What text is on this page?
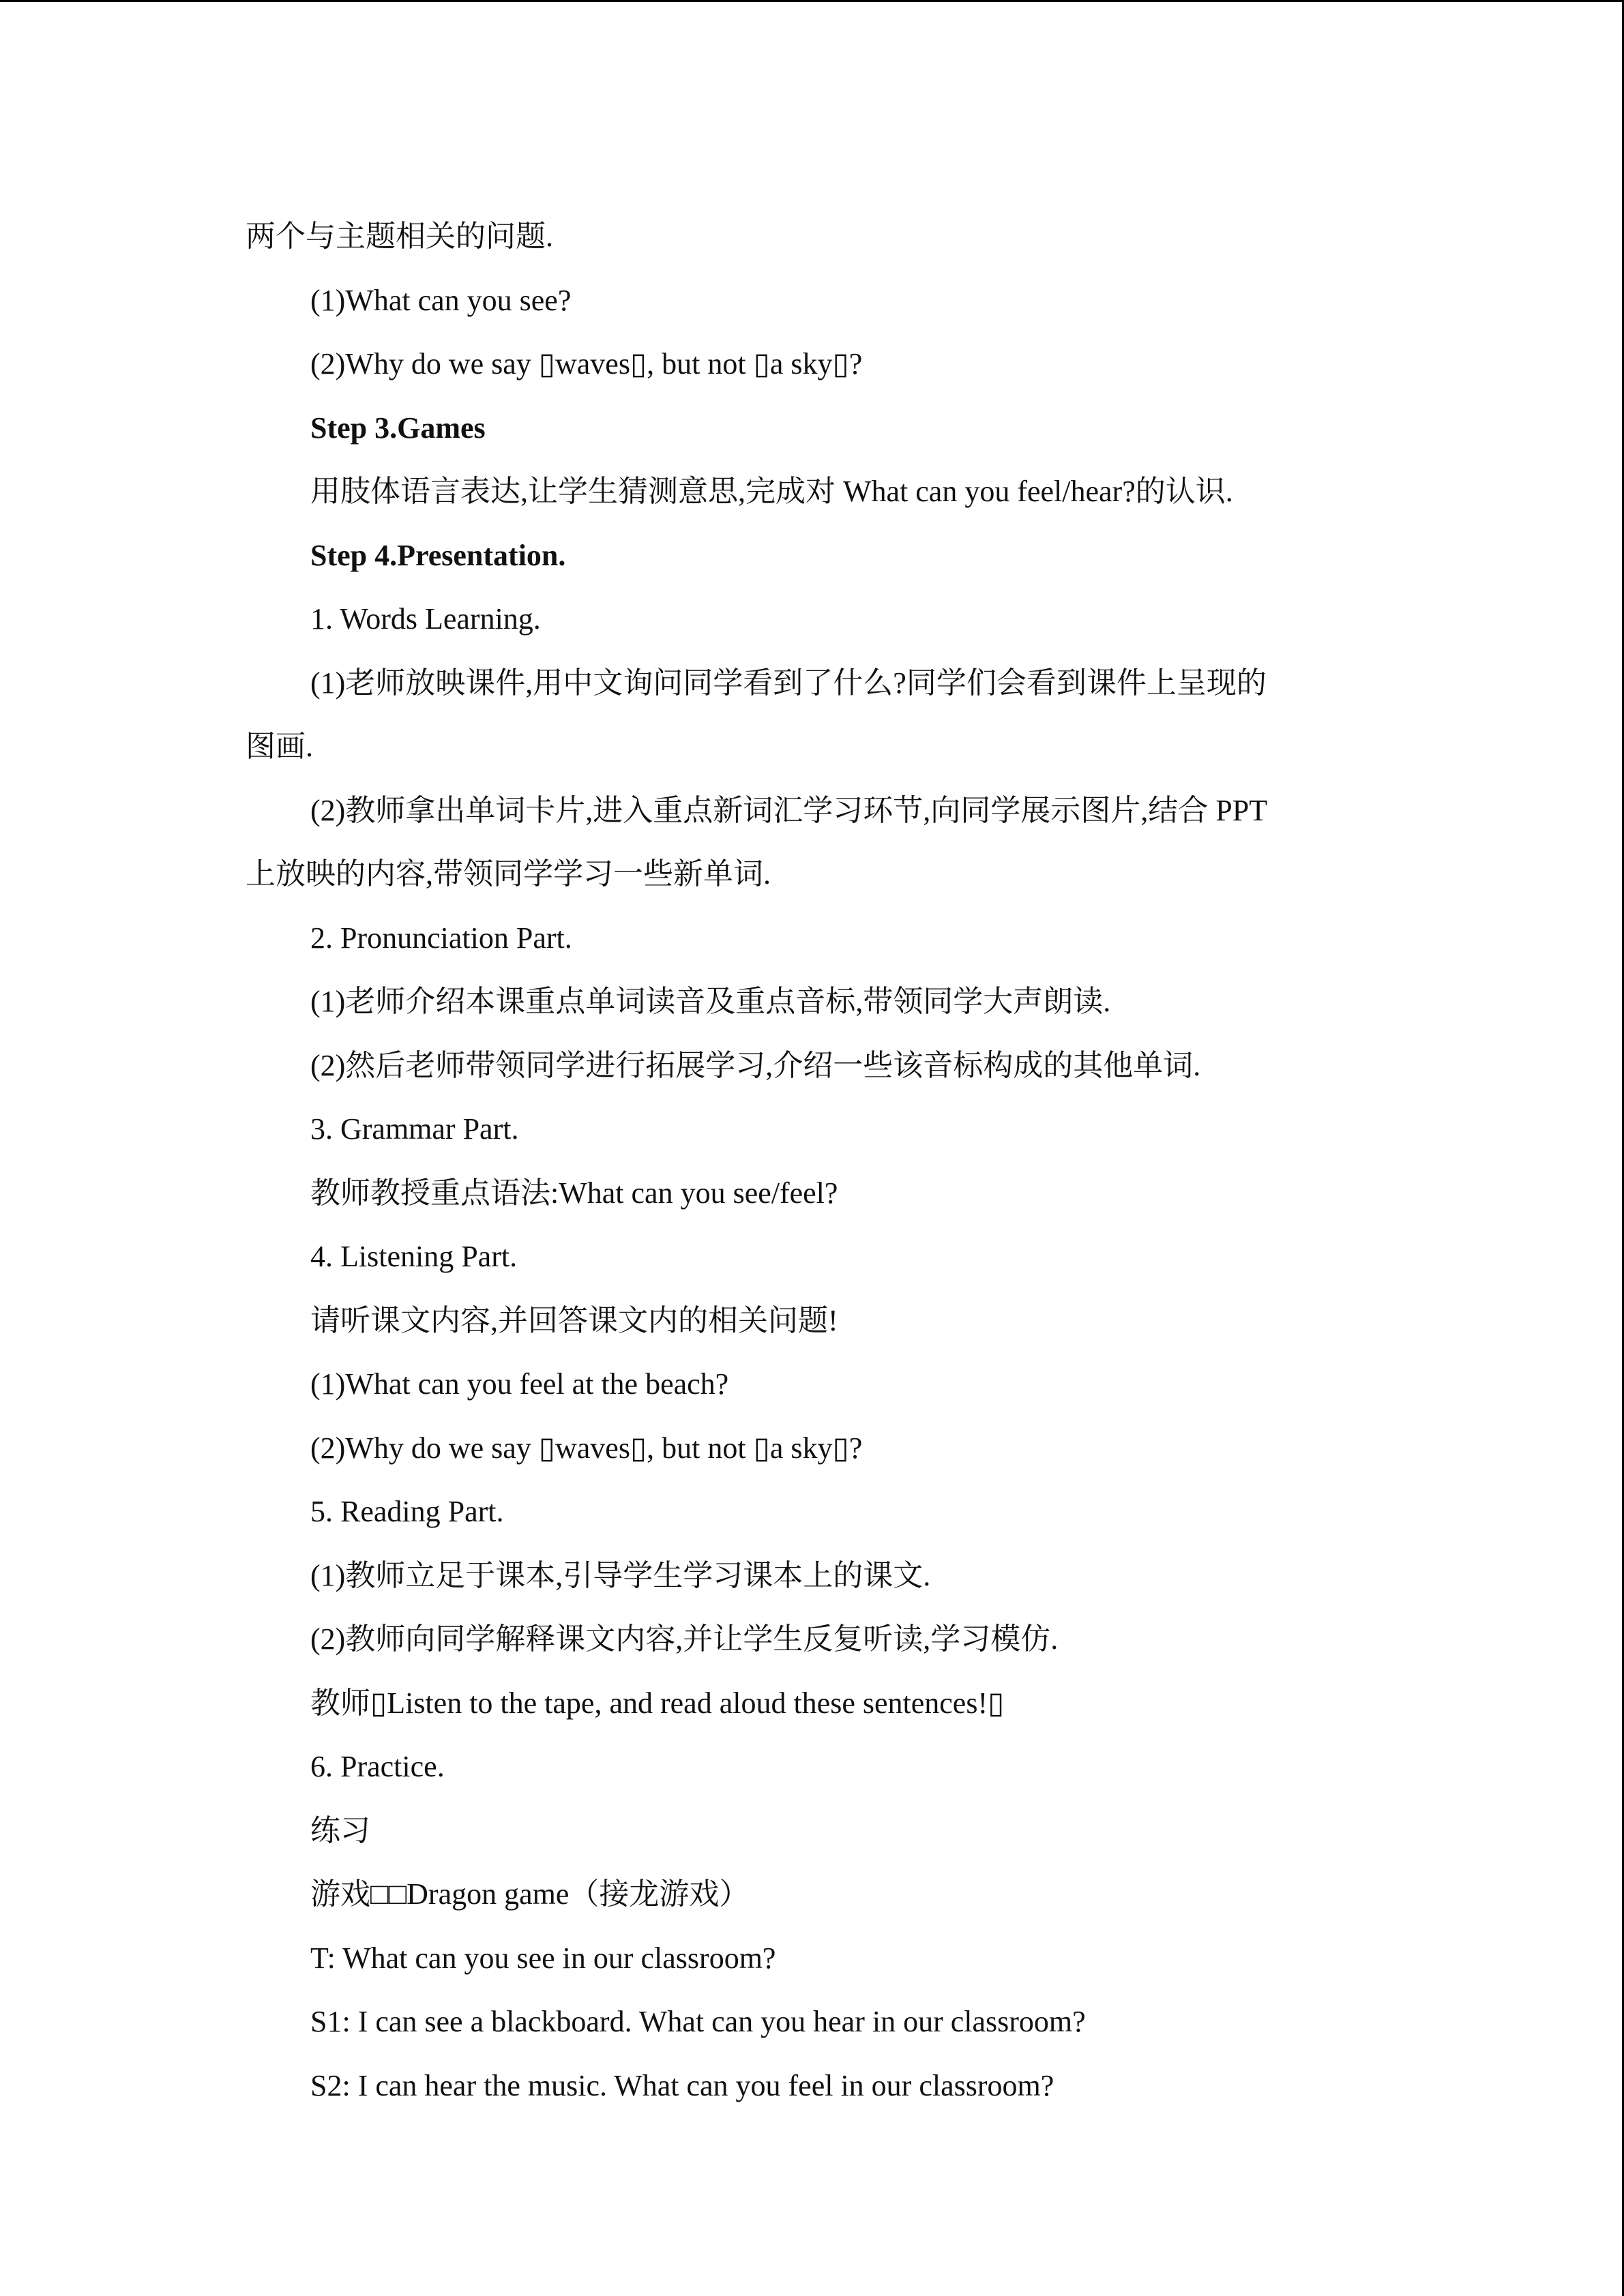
两个与主题相关的问题.
(1)What can you see?
(2)Why do we say ▯waves▯, but not ▯a sky▯?
Step 3.Games
用肢体语言表达,让学生猜测意思,完成对 What can you feel/hear?的认识.
Step 4.Presentation.
1. Words Learning.
(1)老师放映课件,用中文询问同学看到了什么?同学们会看到课件上呈现的
图画.
(2)教师拿出单词卡片,进入重点新词汇学习环节,向同学展示图片,结合 PPT
上放映的内容,带领同学学习一些新单词.
2. Pronunciation Part.
(1)老师介绍本课重点单词读音及重点音标,带领同学大声朗读.
(2)然后老师带领同学进行拓展学习,介绍一些该音标构成的其他单词.
3. Grammar Part.
教师教授重点语法:What can you see/feel?
4. Listening Part.
请听课文内容,并回答课文内的相关问题!
(1)What can you feel at the beach?
(2)Why do we say ▯waves▯, but not ▯a sky▯?
5. Reading Part.
(1)教师立足于课本,引导学生学习课本上的课文.
(2)教师向同学解释课文内容,并让学生反复听读,学习模仿.
教师▯Listen to the tape, and read aloud these sentences!▯
6. Practice.
练习
游戏□□Dragon game（接龙游戏）
T: What can you see in our classroom?
S1: I can see a blackboard. What can you hear in our classroom?
S2: I can hear the music. What can you feel in our classroom?
